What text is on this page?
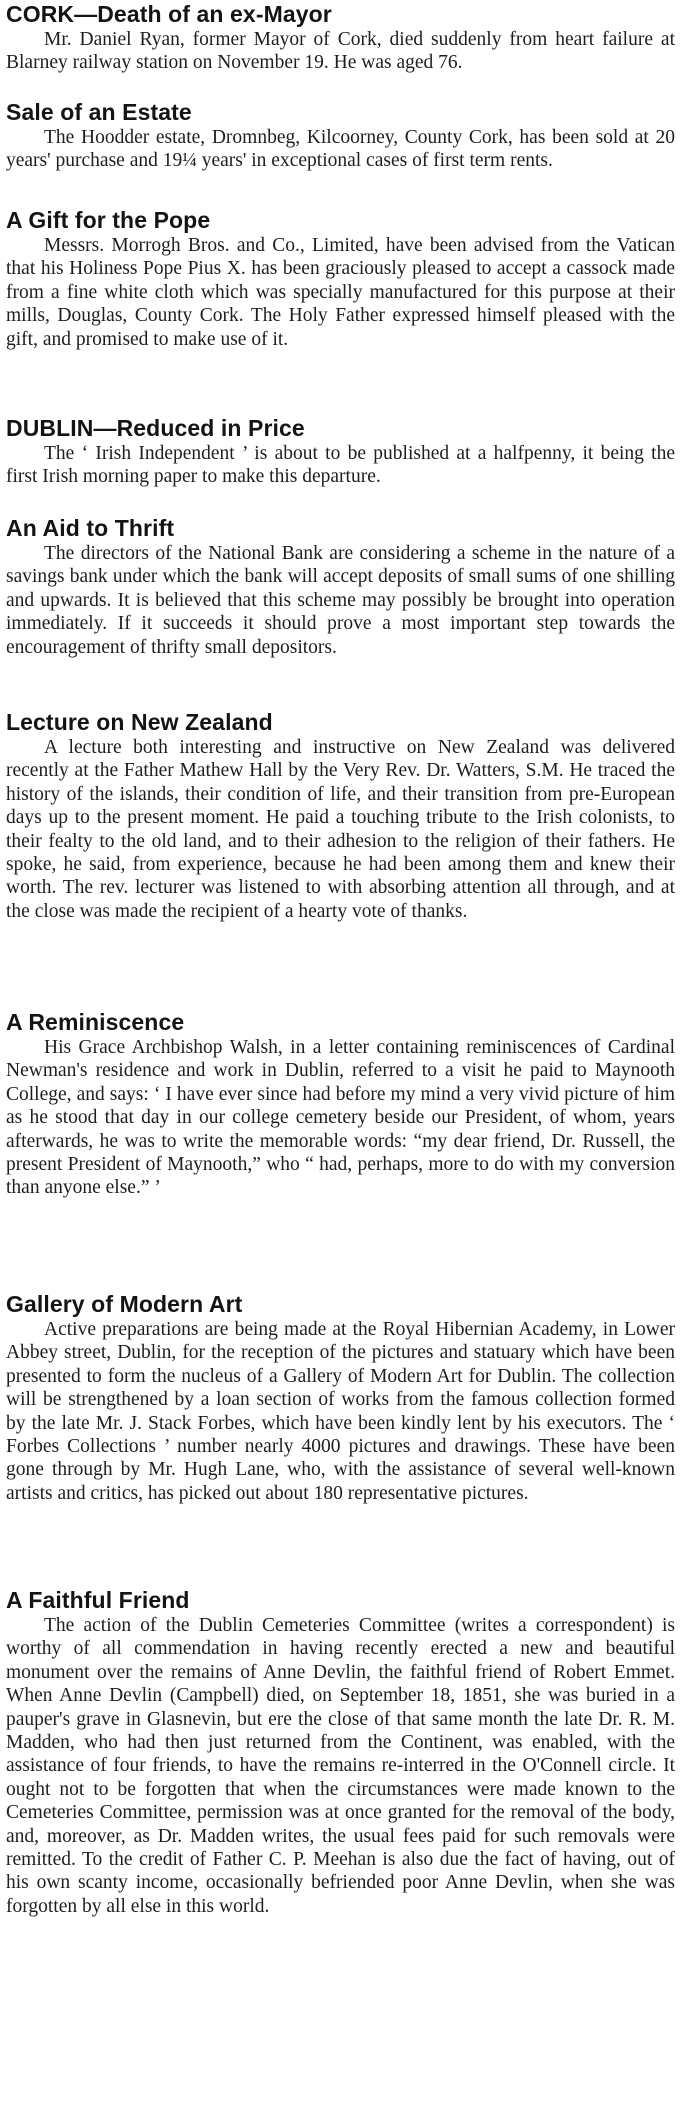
CORK—Death of an ex-Mayor

Mr. Daniel Ryan, former Mayor of Cork, died suddenly from heart failure at Blarney railway station on November 19. He was aged 76.

Sale of an Estate

The Hoodder estate, Dromnbeg, Kilcoorney, County Cork, has been sold at 20 years' purchase and 19¼ years' in exceptional cases of first term rents.

A Gift for the Pope

Messrs. Morrogh Bros. and Co., Limited, have been advised from the Vatican that his Holiness Pope Pius X. has been graciously pleased to accept a cassock made from a fine white cloth which was specially manufactured for this purpose at their mills, Douglas, County Cork. The Holy Father expressed himself pleased with the gift, and promised to make use of it.

DUBLIN—Reduced in Price

The ‘ Irish Independent ’ is about to be published at a halfpenny, it being the first Irish morning paper to make this departure.

An Aid to Thrift

The directors of the National Bank are considering a scheme in the nature of a savings bank under which the bank will accept deposits of small sums of one shilling and upwards. It is believed that this scheme may possibly be brought into operation immediately. If it succeeds it should prove a most important step towards the encouragement of thrifty small depositors.

Lecture on New Zealand

A lecture both interesting and instructive on New Zealand was delivered recently at the Father Mathew Hall by the Very Rev. Dr. Watters, S.M. He traced the history of the islands, their condition of life, and their transition from pre-European days up to the present moment. He paid a touching tribute to the Irish colonists, to their fealty to the old land, and to their adhesion to the religion of their fathers. He spoke, he said, from experience, because he had been among them and knew their worth. The rev. lecturer was listened to with absorbing attention all through, and at the close was made the recipient of a hearty vote of thanks.

A Reminiscence

His Grace Archbishop Walsh, in a letter containing reminiscences of Cardinal Newman's residence and work in Dublin, referred to a visit he paid to Maynooth College, and says: ‘ I have ever since had before my mind a very vivid picture of him as he stood that day in our college cemetery beside our President, of whom, years afterwards, he was to write the memorable words: “my dear friend, Dr. Russell, the present President of Maynooth,” who “ had, perhaps, more to do with my conversion than anyone else.” ’

Gallery of Modern Art

Active preparations are being made at the Royal Hibernian Academy, in Lower Abbey street, Dublin, for the reception of the pictures and statuary which have been presented to form the nucleus of a Gallery of Modern Art for Dublin. The collection will be strengthened by a loan section of works from the famous collection formed by the late Mr. J. Stack Forbes, which have been kindly lent by his executors. The ‘ Forbes Collections ’ number nearly 4000 pictures and drawings. These have been gone through by Mr. Hugh Lane, who, with the assistance of several well-known artists and critics, has picked out about 180 representative pictures.

A Faithful Friend

The action of the Dublin Cemeteries Committee (writes a correspondent) is worthy of all commendation in having recently erected a new and beautiful monument over the remains of Anne Devlin, the faithful friend of Robert Emmet. When Anne Devlin (Campbell) died, on September 18, 1851, she was buried in a pauper's grave in Glasnevin, but ere the close of that same month the late Dr. R. M. Madden, who had then just returned from the Continent, was enabled, with the assistance of four friends, to have the remains re-interred in the O'Connell circle. It ought not to be forgotten that when the circumstances were made known to the Cemeteries Committee, permission was at once granted for the removal of the body, and, moreover, as Dr. Madden writes, the usual fees paid for such removals were remitted. To the credit of Father C. P. Meehan is also due the fact of having, out of his own scanty income, occasionally befriended poor Anne Devlin, when she was forgotten by all else in this world.
